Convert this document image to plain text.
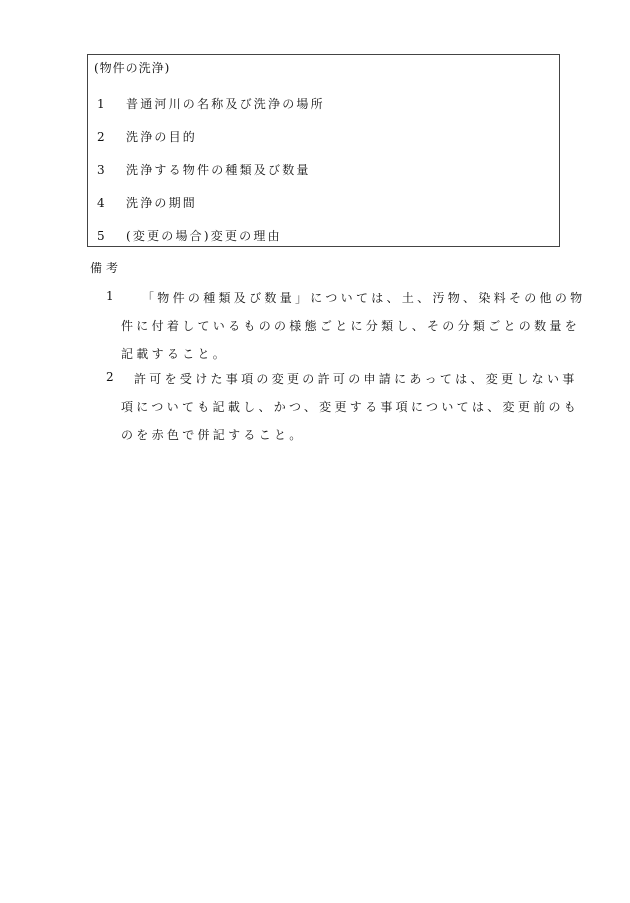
(物件の洗浄)
1 普通河川の名称及び洗浄の場所
2 洗浄の目的
3 洗浄する物件の種類及び数量
4 洗浄の期間
5 (変更の場合)変更の理由
備考
1 「物件の種類及び数量」については、土、汚物、染料その他の物
件に付着しているものの様態ごとに分類し、その分類ごとの数量を
記載すること。
2 許可を受けた事項の変更の許可の申請にあっては、変更しない事
項についても記載し、かつ、変更する事項については、変更前のも
のを赤色で併記すること。
